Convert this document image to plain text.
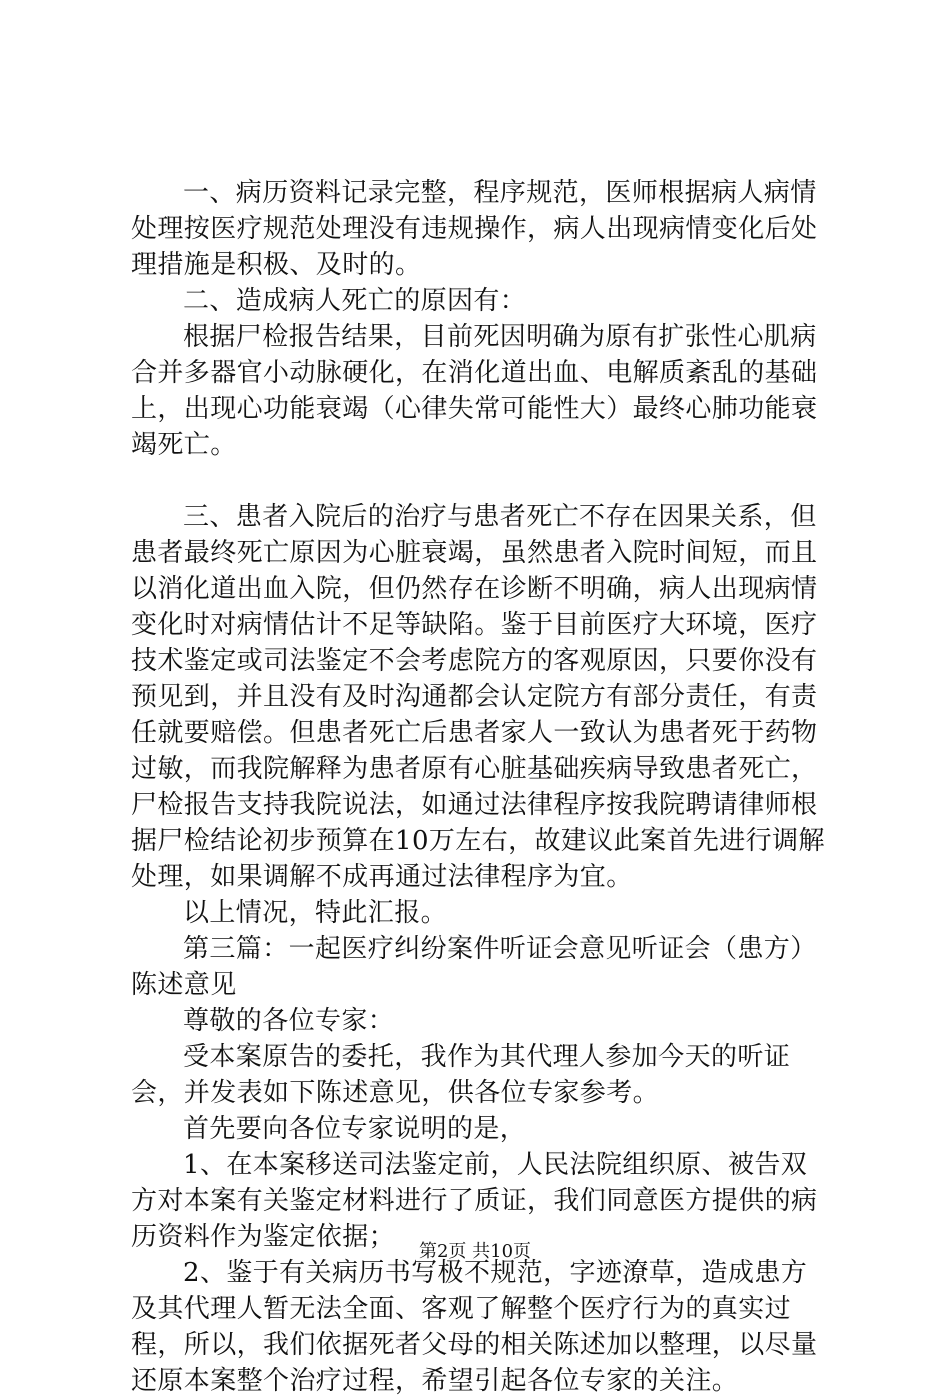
一、病历资料记录完整，程序规范，医师根据病人病情处理按医疗规范处理没有违规操作，病人出现病情变化后处理措施是积极、及时的。

二、造成病人死亡的原因有：

根据尸检报告结果，目前死因明确为原有扩张性心肌病合并多器官小动脉硬化，在消化道出血、电解质紊乱的基础上，出现心功能衰竭（心律失常可能性大）最终心肺功能衰竭死亡。

三、患者入院后的治疗与患者死亡不存在因果关系，但患者最终死亡原因为心脏衰竭，虽然患者入院时间短，而且以消化道出血入院，但仍然存在诊断不明确，病人出现病情变化时对病情估计不足等缺陷。鉴于目前医疗大环境，医疗技术鉴定或司法鉴定不会考虑院方的客观原因，只要你没有预见到，并且没有及时沟通都会认定院方有部分责任，有责任就要赔偿。但患者死亡后患者家人一致认为患者死于药物过敏，而我院解释为患者原有心脏基础疾病导致患者死亡，尸检报告支持我院说法，如通过法律程序按我院聘请律师根据尸检结论初步预算在10万左右，故建议此案首先进行调解处理，如果调解不成再通过法律程序为宜。

以上情况，特此汇报。

第三篇：一起医疗纠纷案件听证会意见听证会（患方）陈述意见

尊敬的各位专家：

受本案原告的委托，我作为其代理人参加今天的听证会，并发表如下陈述意见，供各位专家参考。

首先要向各位专家说明的是，

1、在本案移送司法鉴定前，人民法院组织原、被告双方对本案有关鉴定材料进行了质证，我们同意医方提供的病历资料作为鉴定依据；

2、鉴于有关病历书写极不规范，字迹潦草，造成患方及其代理人暂无法全面、客观了解整个医疗行为的真实过程，所以，我们依据死者父母的相关陈述加以整理，以尽量还原本案整个治疗过程，希望引起各位专家的关注。

第2页 共10页
